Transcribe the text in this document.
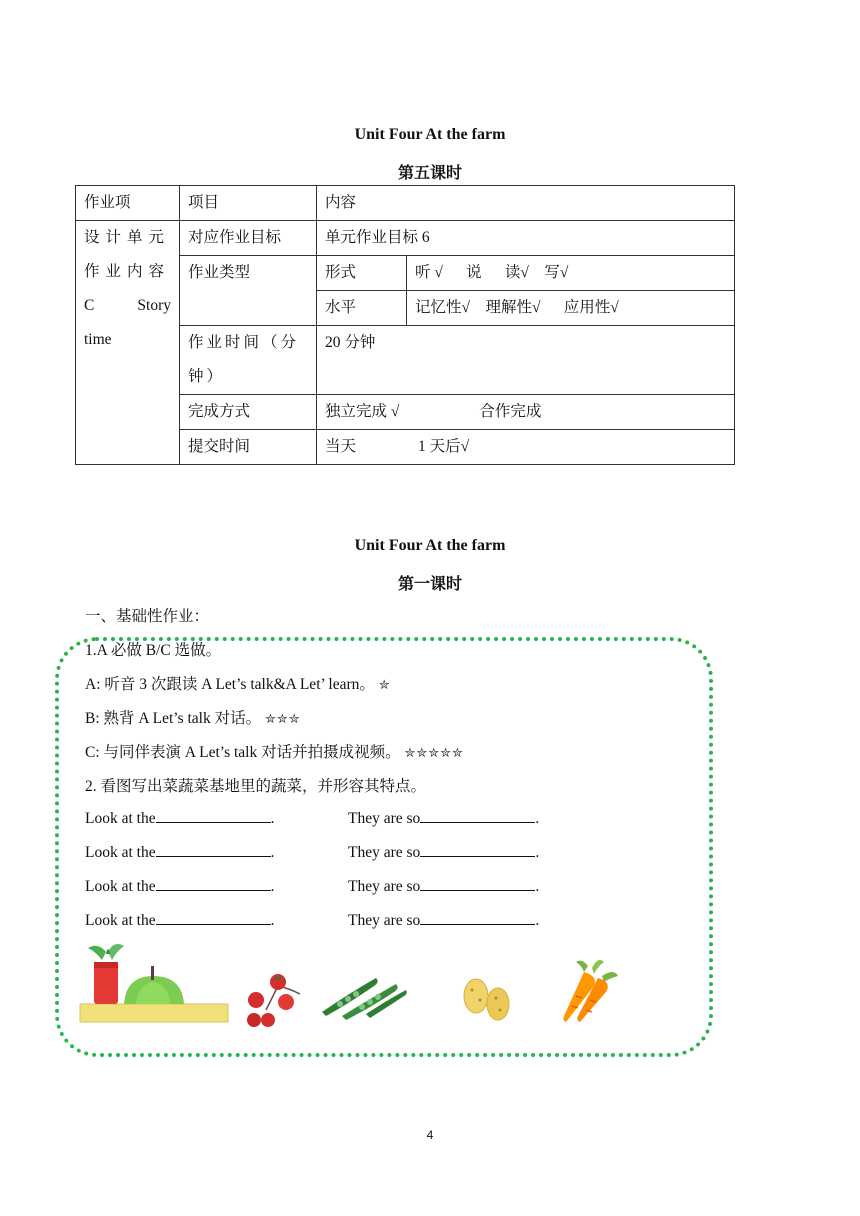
Unit Four At the farm
第五课时
作业项	项目	内容	

设计单元作业内容
C Story
time	对应作业目标	单元作业目标 6	
	作业类型	形式	听 √      说      读√    写√
		水平	记忆性√    理解性√      应用性√
	作业时间（分钟）	20 分钟	
	完成方式	独立完成 √ 合作完成	
	提交时间	当天 1 天后√	
Unit Four At the farm
第一课时
一、基础性作业：
1.A 必做 B/C 选做。
A: 听音 3 次跟读 A Let’s talk&A Let’ learn。 ✮
B: 熟背 A Let’s talk 对话。 ✮✮✮
C: 与同伴表演 A Let’s talk 对话并拍摄成视频。 ✮✮✮✮✮
2. 看图写出菜蔬菜基地里的蔬菜，并形容其特点。
Look at the	.	They are so	.
Look at the	.	They are so	.
Look at the	.	They are so	.
Look at the	.	They are so	.
4
